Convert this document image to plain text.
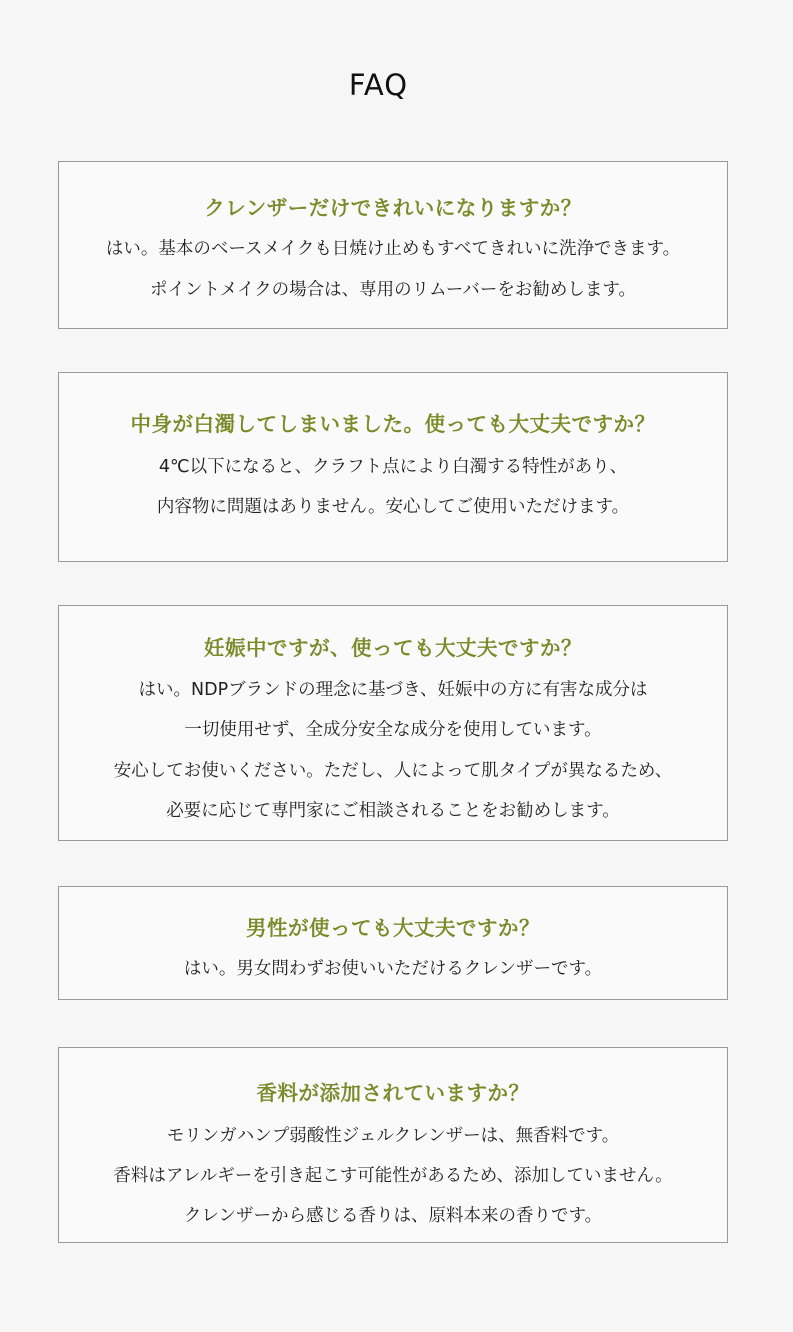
FAQ
クレンザーだけできれいになりますか？
はい。基本のベースメイクも日焼け止めもすべてきれいに洗浄できます。
ポイントメイクの場合は、専用のリムーバーをお勧めします。
中身が白濁してしまいました。使っても大丈夫ですか？
4℃以下になると、クラフト点により白濁する特性があり、
内容物に問題はありません。安心してご使用いただけます。
妊娠中ですが、使っても大丈夫ですか？
はい。NDPブランドの理念に基づき、妊娠中の方に有害な成分は
一切使用せず、全成分安全な成分を使用しています。
安心してお使いください。ただし、人によって肌タイプが異なるため、
必要に応じて専門家にご相談されることをお勧めします。
男性が使っても大丈夫ですか？
はい。男女問わずお使いいただけるクレンザーです。
香料が添加されていますか？
モリンガハンプ弱酸性ジェルクレンザーは、無香料です。
香料はアレルギーを引き起こす可能性があるため、添加していません。
クレンザーから感じる香りは、原料本来の香りです。
